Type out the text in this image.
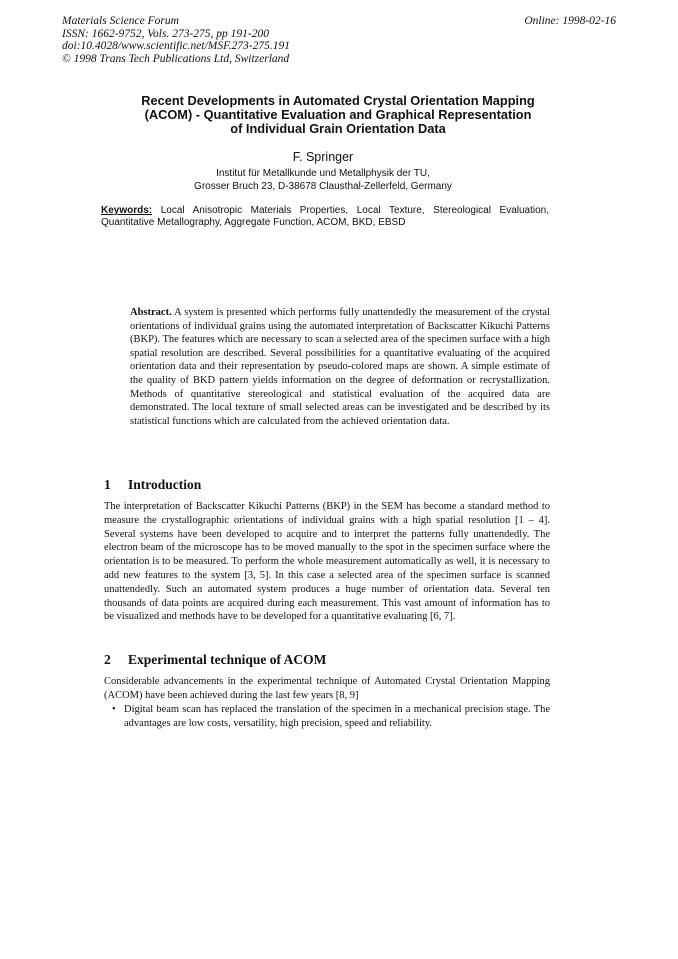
Materials Science Forum
ISSN: 1662-9752, Vols. 273-275, pp 191-200
doi:10.4028/www.scientific.net/MSF.273-275.191
© 1998 Trans Tech Publications Ltd, Switzerland
Online: 1998-02-16
Recent Developments in Automated Crystal Orientation Mapping
(ACOM) - Quantitative Evaluation and Graphical Representation
of Individual Grain Orientation Data
F. Springer
Institut für Metallkunde und Metallphysik der TU,
Grosser Bruch 23, D-38678 Clausthal-Zellerfeld, Germany
Keywords: Local Anisotropic Materials Properties, Local Texture, Stereological Evaluation, Quantitative Metallography, Aggregate Function, ACOM, BKD, EBSD
Abstract. A system is presented which performs fully unattendedly the measurement of the crystal orientations of individual grains using the automated interpretation of Backscatter Kikuchi Patterns (BKP). The features which are necessary to scan a selected area of the specimen surface with a high spatial resolution are described. Several possibilities for a quantitative evaluating of the acquired orientation data and their representation by pseudo-colored maps are shown. A simple estimate of the quality of BKD pattern yields information on the degree of deformation or recrystallization. Methods of quantitative stereological and statistical evaluation of the acquired data are demonstrated. The local texture of small selected areas can be investigated and be described by its statistical functions which are calculated from the achieved orientation data.
1 Introduction
The interpretation of Backscatter Kikuchi Patterns (BKP) in the SEM has become a standard method to measure the crystallographic orientations of individual grains with a high spatial resolution [1 – 4]. Several systems have been developed to acquire and to interpret the patterns fully unattendedly. The electron beam of the microscope has to be moved manually to the spot in the specimen surface where the orientation is to be measured. To perform the whole measurement automatically as well, it is necessary to add new features to the system [3, 5]. In this case a selected area of the specimen surface is scanned unattendedly. Such an automated system produces a huge number of orientation data. Several ten thousands of data points are acquired during each measurement. This vast amount of information has to be visualized and methods have to be developed for a quantitative evaluating [6, 7].
2 Experimental technique of ACOM
Considerable advancements in the experimental technique of Automated Crystal Orientation Mapping (ACOM) have been achieved during the last few years [8, 9]
• Digital beam scan has replaced the translation of the specimen in a mechanical precision stage. The advantages are low costs, versatility, high precision, speed and reliability.
